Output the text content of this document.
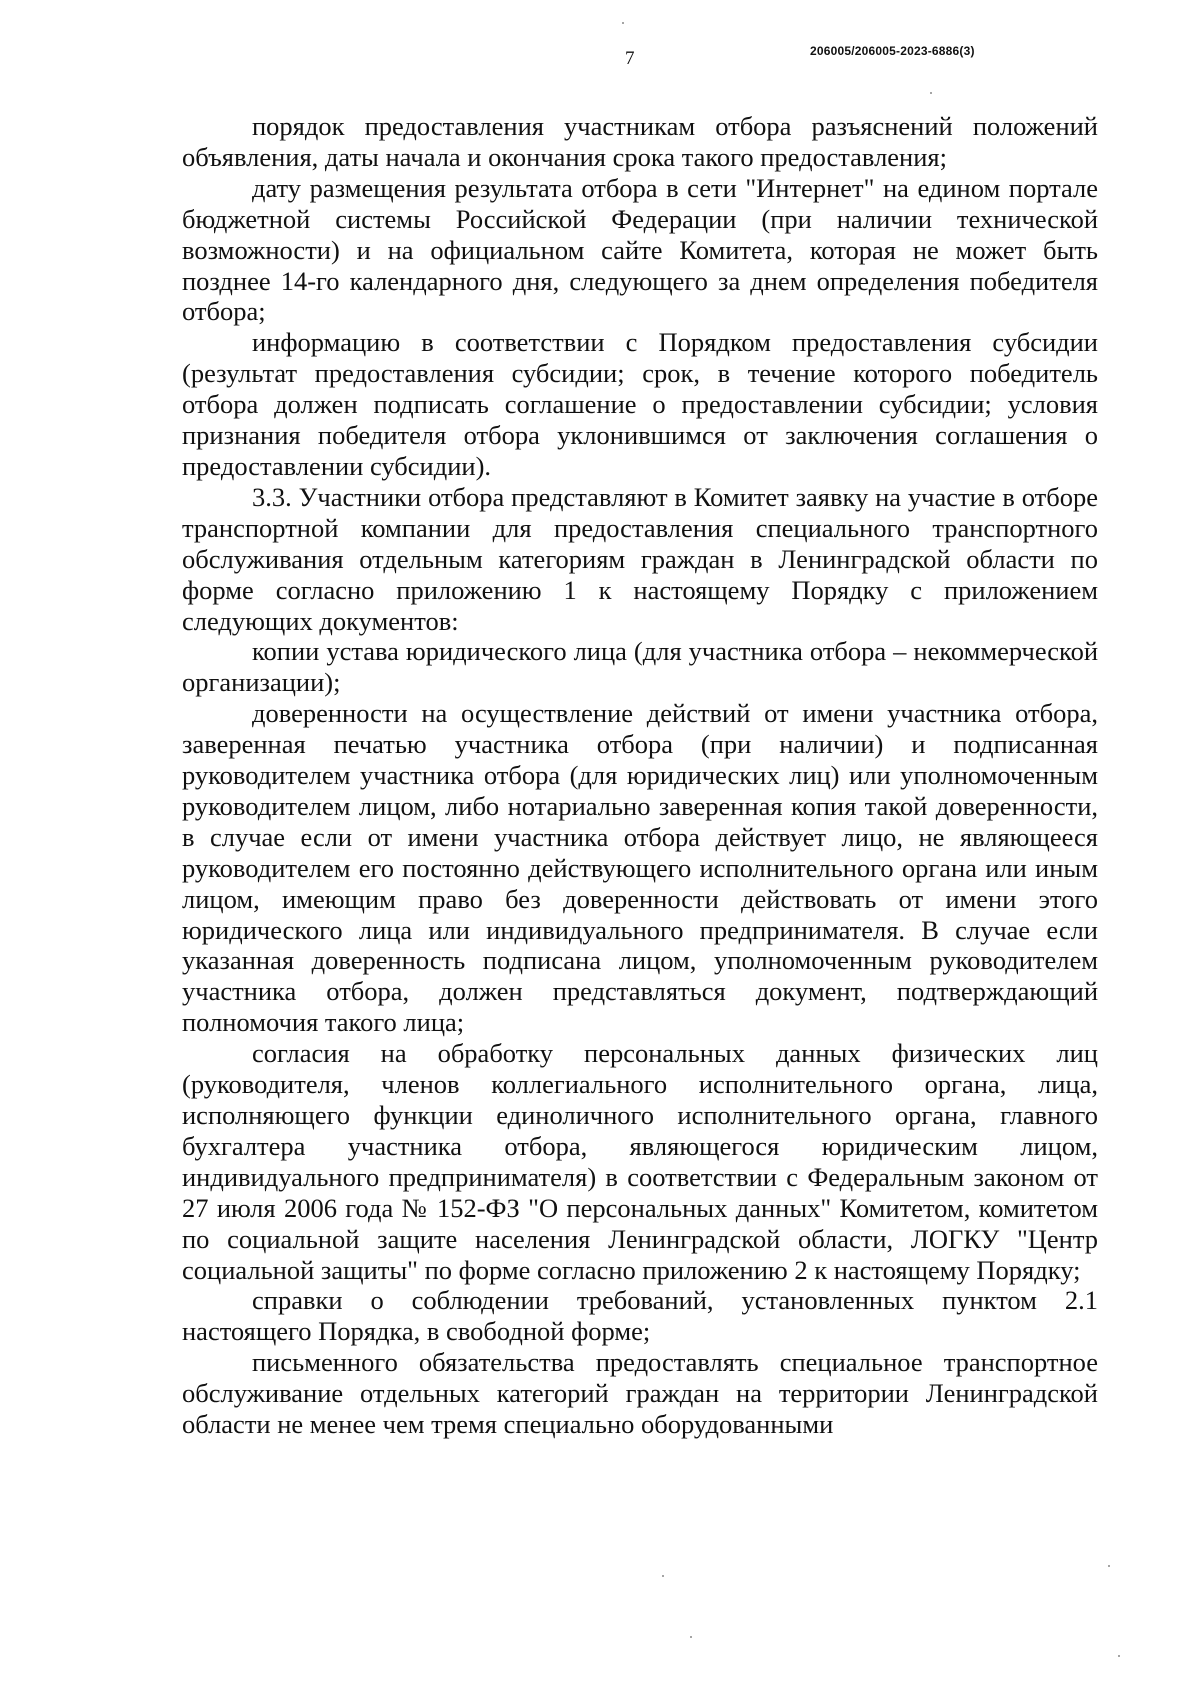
7	206005/206005-2023-6886(3)

порядок предоставления участникам отбора разъяснений положений объявления, даты начала и окончания срока такого предоставления;

дату размещения результата отбора в сети "Интернет" на едином портале бюджетной системы Российской Федерации (при наличии технической возможности) и на официальном сайте Комитета, которая не может быть позднее 14-го календарного дня, следующего за днем определения победителя отбора;

информацию в соответствии с Порядком предоставления субсидии (результат предоставления субсидии; срок, в течение которого победитель отбора должен подписать соглашение о предоставлении субсидии; условия признания победителя отбора уклонившимся от заключения соглашения о предоставлении субсидии).

3.3. Участники отбора представляют в Комитет заявку на участие в отборе транспортной компании для предоставления специального транспортного обслуживания отдельным категориям граждан в Ленинградской области по форме согласно приложению 1 к настоящему Порядку с приложением следующих документов:

копии устава юридического лица (для участника отбора – некоммерческой организации);

доверенности на осуществление действий от имени участника отбора, заверенная печатью участника отбора (при наличии) и подписанная руководителем участника отбора (для юридических лиц) или уполномоченным руководителем лицом, либо нотариально заверенная копия такой доверенности, в случае если от имени участника отбора действует лицо, не являющееся руководителем его постоянно действующего исполнительного органа или иным лицом, имеющим право без доверенности действовать от имени этого юридического лица или индивидуального предпринимателя. В случае если указанная доверенность подписана лицом, уполномоченным руководителем участника отбора, должен представляться документ, подтверждающий полномочия такого лица;

согласия на обработку персональных данных физических лиц (руководителя, членов коллегиального исполнительного органа, лица, исполняющего функции единоличного исполнительного органа, главного бухгалтера участника отбора, являющегося юридическим лицом, индивидуального предпринимателя) в соответствии с Федеральным законом от 27 июля 2006 года № 152-ФЗ "О персональных данных" Комитетом, комитетом по социальной защите населения Ленинградской области, ЛОГКУ "Центр социальной защиты" по форме согласно приложению 2 к настоящему Порядку;

справки о соблюдении требований, установленных пунктом 2.1 настоящего Порядка, в свободной форме;

письменного обязательства предоставлять специальное транспортное обслуживание отдельных категорий граждан на территории Ленинградской области не менее чем тремя специально оборудованными
